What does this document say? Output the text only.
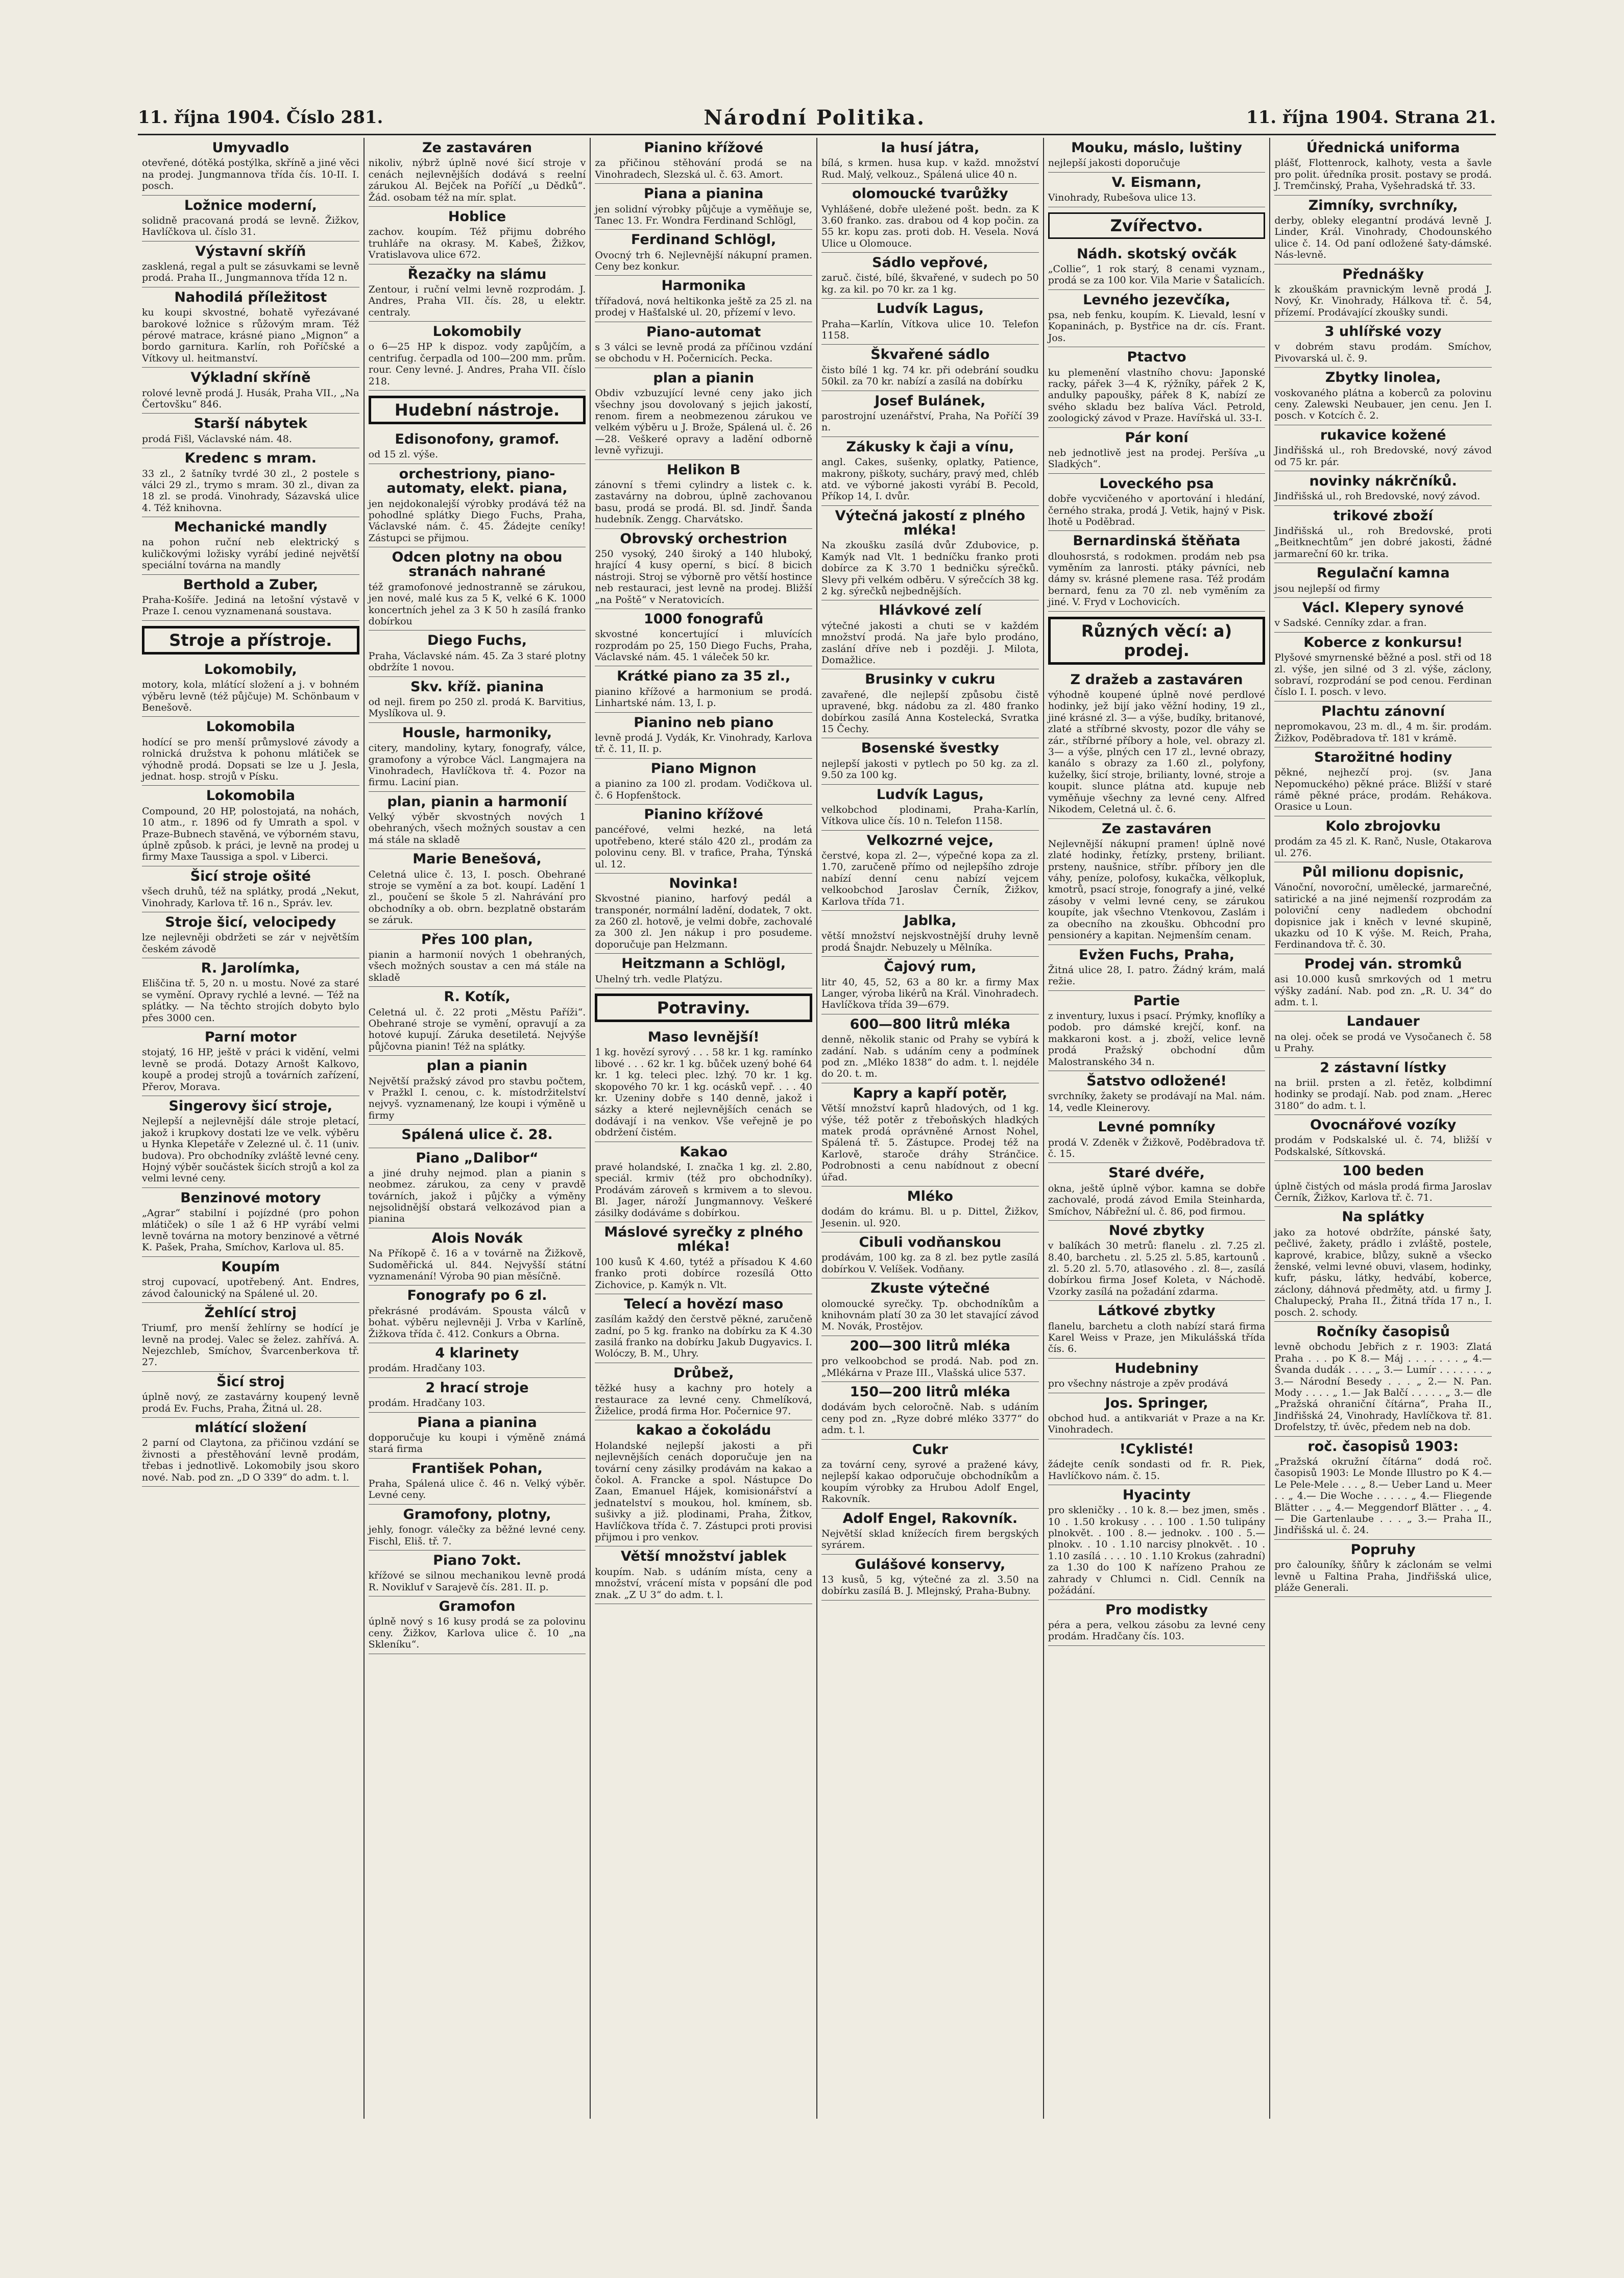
11. října 1904. Číslo 281.	Národní Politika.	11. října 1904. Strana 21.
Umyvadlo

otevřené, dótěká postýlka, skříně a jiné věci na prodej. Jungmannova třída čís. 10-II. I. posch.

Ložnice moderní,

solidně pracovaná prodá se levně. Žižkov, Havlíčkova ul. číslo 31.

Výstavní skříň

zasklená, regal a pult se zásuvkami se levně prodá. Praha II., Jungmannova třída 12 n.

Nahodilá příležitost

ku koupi skvostné, bohatě vyřezávané barokové ložnice s růžovým mram. Též pérové matrace, krásné piano „Mignon“ a bordo garnitura. Karlín, roh Poříčské a Vítkovy ul. heitmanství.

Výkladní skříně

rolové levně prodá J. Husák, Praha VII., „Na Čertovšku“ 846.

Starší nábytek

prodá Fišl, Václavské nám. 48.

Kredenc s mram.

33 zl., 2 šatníky tvrdé 30 zl., 2 postele s válci 29 zl., trymo s mram. 30 zl., divan za 18 zl. se prodá. Vinohrady, Sázavská ulice 4. Též knihovna.

Mechanické mandly

na pohon ruční neb elektrický s kuličkovými ložisky vyrábí jediné největší speciální továrna na mandly

Berthold a Zuber,

Praha-Košíře. Jediná na letošní výstavě v Praze I. cenou vyznamenaná soustava.

Stroje a přístroje.
Lokomobily,

motory, kola, mlátící složení a j. v bohném výběru levně (též půjčuje) M. Schönbaum v Benešově.

Lokomobila

hodící se pro menší průmyslové závody a rolnická družstva k pohonu mlátiček se výhodně prodá. Dopsati se lze u J. Jesla, jednat. hosp. strojů v Písku.

Lokomobila

Compound, 20 HP, polostojatá, na nohách, 10 atm., r. 1896 od fy Umrath a spol. v Praze-Bubnech stavěná, ve výborném stavu, úplně způsob. k práci, je levně na prodej u firmy Maxe Taussiga a spol. v Liberci.

Šicí stroje ošité

všech druhů, též na splátky, prodá „Nekut, Vinohrady, Karlova tř. 16 n., Správ. lev.

Stroje šicí, velocipedy

lze nejlevněji obdržeti se zár v největším českém závodě

R. Jarolímka,

Eliščina tř. 5, 20 n. u mostu. Nové za staré se vymění. Opravy rychlé a levné. — Též na splátky. — Na těchto strojích dobyto bylo přes 3000 cen.

Parní motor

stojatý, 16 HP, ještě v práci k vidění, velmi levně se prodá. Dotazy Arnošt Kalkovo, koupě a prodej strojů a továrních zařízení, Přerov, Morava.

Singerovy šicí stroje,

Nejlepší a nejlevnější dále stroje pletací, jakož i krupkovy dostati lze ve velk. výběru u Hynka Klepetáře v Zelezné ul. č. 11 (univ. budova). Pro obchodníky zvláště levné ceny. Hojný výběr součástek šicích strojů a kol za velmi levné ceny.

Benzinové motory

„Agrar“ stabilní i pojízdné (pro pohon mlátiček) o síle 1 až 6 HP vyrábí velmi levně továrna na motory benzinové a větrné K. Pašek, Praha, Smíchov, Karlova ul. 85.

Koupím

stroj cupovací, upotřebený. Ant. Endres, závod čalounický na Spálené ul. 20.

Žehlící stroj

Triumf, pro menší žehlírny se hodící je levně na prodej. Valec se želez. zahřívá. A. Nejezchleb, Smíchov, Švarcenberkova tř. 27.

Šicí stroj

úplně nový, ze zastavárny koupený levně prodá Ev. Fuchs, Praha, Žitná ul. 28.

mlátící složení

2 parní od Claytona, za přičinou vzdání se živnosti a přestěhování levně prodám, třebas i jednotlivě. Lokomobily jsou skoro nové. Nab. pod zn. „D O 339“ do adm. t. l.

Ze zastaváren

nikoliv, nýbrž úplně nové šicí stroje v cenách nejlevnějších dodává s reelní zárukou Al. Bejček na Poříčí „u Dědků“. Žád. osobam též na mír. splat.

Hoblice

zachov. koupím. Též přijmu dobrého truhláře na okrasy. M. Kabeš, Žižkov, Vratislavova ulice 672.

Řezačky na slámu

Zentour, i ruční velmi levně rozprodám. J. Andres, Praha VII. čís. 28, u elektr. centraly.

Lokomobily

o 6—25 HP k dispoz. vody zapůjčím, a centrifug. čerpadla od 100—200 mm. prům. rour. Ceny levné. J. Andres, Praha VII. číslo 218.

Hudební nástroje.
Edisonofony, gramof.

od 15 zl. výše.

orchestriony, piano-automaty, elekt. piana,

jen nejdokonalejší výrobky prodává též na pohodlné splátky Diego Fuchs, Praha, Václavské nám. č. 45. Žádejte ceníky! Zástupci se přijmou.

Odcen plotny na obou stranách nahrané

též gramofonové jednostranně se zárukou, jen nové, malé kus za 5 K, velké 6 K. 1000 koncertních jehel za 3 K 50 h zasílá franko dobírkou

Diego Fuchs,

Praha, Václavské nám. 45. Za 3 staré plotny obdržíte 1 novou.

Skv. kříž. pianina

od nejl. firem po 250 zl. prodá K. Barvitius, Myslíkova ul. 9.

Housle, harmoniky,

citery, mandoliny, kytary, fonografy, válce, gramofony a výrobce Václ. Langmajera na Vinohradech, Havlíčkova tř. 4. Pozor na firmu. Laciní pian.

plan, pianin a harmonií

Velký výběr skvostných nových 1 obehraných, všech možných soustav a cen má stále na skladě

Marie Benešová,

Celetná ulice č. 13, I. posch. Obehrané stroje se vymění a za bot. koupí. Ladění 1 zl., poučení se škole 5 zl. Nahrávání pro obchodníky a ob. obrn. bezplatně obstarám se záruk.

Přes 100 plan,

pianin a harmonií nových 1 obehraných, všech možných soustav a cen má stále na skladě

R. Kotík,

Celetná ul. č. 22 proti „Městu Paříži“. Obehrané stroje se vymění, opravují a za hotové kupují. Záruka desetiletá. Nejvýše půjčovna pianin! Též na splátky.

plan a pianin

Největší pražský závod pro stavbu počtem, v Pražkl I. cenou, c. k. místodržitelství nejvyš. vyznamenaný, lze koupi i výměně u firmy

Spálená ulice č. 28.
Piano „Dalibor“

a jiné druhy nejmod. plan a pianin s neobmez. zárukou, za ceny v pravdě továrních, jakož i půjčky a výměny nejsolidnější obstará velkozávod pian a pianina

Alois Novák

Na Příkopě č. 16 a v továrně na Žižkově, Sudoměřická ul. 844. Nejvyšší státní vyznamenání! Výroba 90 pian měsíčně.

Fonografy po 6 zl.

překrásné prodávám. Spousta válců v bohat. výběru nejlevněji J. Vrba v Karlíně, Žižkova třída č. 412. Conkurs a Obrna.

4 klarinety

prodám. Hradčany 103.

2 hrací stroje

prodám. Hradčany 103.

Piana a pianina

dopporučuje ku koupi i výměně známá stará firma

František Pohan,

Praha, Spálená ulice č. 46 n. Velký výběr. Levné ceny.

Gramofony, plotny,

jehly, fonogr. válečky za běžné levné ceny. Fischl, Eliš. tř. 7.

Piano 7okt.

křížové se silnou mechanikou levně prodá R. Novikluf v Sarajevě čís. 281. II. p.

Gramofon

úplně nový s 16 kusy prodá se za polovinu ceny. Žižkov, Karlova ulice č. 10 „na Skleníku“.

Pianino křížové

za přičinou stěhování prodá se na Vinohradech, Slezská ul. č. 63. Amort.

Piana a pianina

jen solidní výrobky půjčuje a vyměňuje se, Tanec 13. Fr. Wondra Ferdinand Schlögl,

Ferdinand Schlögl,

Ovocný trh 6. Nejlevnější nákupní pramen. Ceny bez konkur.

Harmonika

třířadová, nová heltikonka ještě za 25 zl. na prodej v Hašťalské ul. 20, přízemí v levo.

Piano-automat

s 3 válci se levně prodá za příčinou vzdání se obchodu v H. Počernicích. Pecka.

plan a pianin

Obdiv vzbuzující levné ceny jako jich všechny jsou dovolovaný s jejich jakostí, renom. firem a neobmezenou zárukou ve velkém výběru u J. Brože, Spálená ul. č. 26—28. Veškeré opravy a ladění odborně levně vyřizuji.

Helikon B

zánovní s třemi cylindry a listek c. k. zastavárny na dobrou, úplně zachovanou basu, prodá se prodá. Bl. sd. Jindř. Šanda hudebník. Zengg. Charvátsko.

Obrovský orchestrion

250 vysoký, 240 široký a 140 hluboký, hrající 4 kusy operní, s bicí. 8 bicich nástroji. Stroj se výborně pro větší hostince neb restauraci, jest levně na prodej. Bližší „na Poště“ v Neratovicích.

1000 fonografů

skvostné koncertující i mluvících rozprodám po 25, 150 Diego Fuchs, Praha, Václavské nám. 45. 1 váleček 50 kr.

Krátké piano za 35 zl.,

pianino křížové a harmonium se prodá. Linhartské nám. 13, I. p.

Pianino neb piano

levně prodá J. Vydák, Kr. Vinohrady, Karlova tř. č. 11, II. p.

Piano Mignon

a pianino za 100 zl. prodam. Vodičkova ul. č. 6 Hopfenštock.

Pianino křížové

pancéřové, velmi hezké, na letá upotřebeno, které stálo 420 zl., prodám za polovinu ceny. Bl. v trafice, Praha, Týnská ul. 12.

Novinka!

Skvostné pianino, harfový pedál a transponér, normální ladění, dodatek, 7 okt. za 260 zl. hotově, je velmi dobře, zachovalé za 300 zl. Jen nákup i pro posudeme. doporučuje pan Helzmann.

Heitzmann a Schlögl,

Uhelný trh. vedle Platýzu.

Potraviny.
Maso levnější!

1 kg. hovězí syrový . . . 58 kr. 1 kg. ramínko libové . . . 62 kr. 1 kg. bůček uzený bohé 64 kr. 1 kg. teleci plec. lzhý. 70 kr. 1 kg. skopového 70 kr. 1 kg. ocásků vepř. . . . 40 kr. Uzeniny dobře s 140 denně, jakož i sázky a které nejlevnějších cenách se dodávají i na venkov. Vše veřejně je po obdržení čistém.

Kakao

pravé holandské, I. značka 1 kg. zl. 2.80, speciál. krmiv (též pro obchodníky). Prodávám zároveň s krmivem a to slevou. Bl. Jager, nároží Jungmannovy. Veškeré zásilky dodáváme s dobírkou.

Máslové syrečky z plného mléka!

100 kusů K 4.60, tytéž a přísadou K 4.60 franko proti dobírce rozesílá Otto Zichovice, p. Kamýk n. Vlt.

Telecí a hovězí maso

zasílám každý den čerstvě pěkné, zaručeně zadní, po 5 kg. franko na dobírku za K 4.30 zasilá franko na dobírku Jakub Dugyavics. I. Wolóczy, B. M., Uhry.

Drůbež,

těžké husy a kachny pro hotely a restaurace za levné ceny. Chmelíková, Žiželice, prodá firma Hor. Počernice 97.

kakao a čokoládu

Holandské nejlepší jakosti a při nejlevnějších cenách doporučuje jen na tovární ceny zásilky prodávám na kakao a čokol. A. Francke a spol. Nástupce Do Zaan, Emanuel Hájek, komisionářství a jednatelství s moukou, hol. kmínem, sb. sušivky a již. plodinami, Praha, Žitkov, Havlíčkova třída č. 7. Zástupci proti provisi přijmou i pro venkov.

Větší množství jablek

koupím. Nab. s udáním místa, ceny a množství, vrácení místa v popsání dle pod znak. „Z U 3“ do adm. t. l.

Ia husí játra,

bílá, s krmen. husa kup. v každ. množství Rud. Malý, velkouz., Spálená ulice 40 n.

olomoucké tvarůžky

Vyhlášené, dobře uležené pošt. bedn. za K 3.60 franko. zas. drabou od 4 kop počin. za 55 kr. kopu zas. proti dob. H. Vesela. Nová Ulice u Olomouce.

Sádlo vepřové,

zaruč. čisté, bílé, škvařené, v sudech po 50 kg. za kil. po 70 kr. za 1 kg.

Ludvík Lagus,

Praha—Karlín, Vítkova ulice 10. Telefon 1158.

Škvařené sádlo

čisto bílé 1 kg. 74 kr. při odebrání soudku 50kil. za 70 kr. nabízí a zasílá na dobírku

Josef Bulánek,

parostrojní uzenářství, Praha, Na Poříčí 39 n.

Zákusky k čaji a vínu,

angl. Cakes, sušenky, oplatky, Patience, makrony, piškoty, sucháry, pravý med, chléb atd. ve výborné jakosti vyrábí B. Pecold, Příkop 14, I. dvůr.

Výtečná jakostí z plného mléka!

Na zkoušku zasílá dvůr Zdubovice, p. Kamýk nad Vlt. 1 bedníčku franko proti dobírce za K 3.70 1 bedničku sýrečků. Slevy při velkém odběru. V sýrečcích 38 kg. 2 kg. sýrečků nejbednějších.

Hlávkové zelí

výtečné jakosti a chuti se v každém množství prodá. Na jaře bylo prodáno, zaslání dříve neb i později. J. Milota, Domažlice.

Brusinky v cukru

zavařené, dle nejlepší způsobu čistě upravené, bkg. nádobu za zl. 480 franko dobírkou zasílá Anna Kostelecká, Svratka 15 Čechy.

Bosenské švestky

nejlepší jakosti v pytlech po 50 kg. za zl. 9.50 za 100 kg.

Ludvík Lagus,

velkobchod plodinami, Praha-Karlín, Vítkova ulice čís. 10 n. Telefon 1158.

Velkozrné vejce,

čerstvé, kopa zl. 2—, výpečné kopa za zl. 1.70, zaručeně přímo od nejlepšího zdroje nabízí denní cenu nabízí vejcem velkoobchod Jaroslav Černík, Žižkov, Karlova třída 71.

Jablka,

větší množství nejskvostnější druhy levně prodá Šnajdr. Nebuzely u Mělníka.

Čajový rum,

litr 40, 45, 52, 63 a 80 kr. a firmy Max Langer, výroba likérů na Král. Vinohradech. Havlíčkova třída 39—679.

600—800 litrů mléka

denně, několik stanic od Prahy se vybírá k zadání. Nab. s udáním ceny a podmínek pod zn. „Mléko 1838“ do adm. t. l. nejdéle do 20. t. m.

Kapry a kapří potěr,

Větší množství kaprů hladových, od 1 kg. výše, též potěr z třeboňských hladkých matek prodá oprávněné Arnost Nohel, Spálená tř. 5. Zástupce. Prodej též na Karlově, staroče dráhy Stránčice. Podrobnosti a cenu nabídnout z obecní úřad.

Mléko

dodám do krámu. Bl. u p. Dittel, Žižkov, Jesenin. ul. 920.

Cibuli vodňanskou

prodávám, 100 kg. za 8 zl. bez pytle zasílá dobírkou V. Velíšek. Vodňany.

Zkuste výtečné

olomoucké syrečky. Tp. obchodníkům a knihovnám platí 30 za 30 let stavající závod M. Novák, Prostějov.

200—300 litrů mléka

pro velkoobchod se prodá. Nab. pod zn. „Mlékárna v Praze III., Vlašská ulice 537.

150—200 litrů mléka

dodávám bych celoročně. Nab. s udáním ceny pod zn. „Ryze dobré mléko 3377“ do adm. t. l.

Cukr

za tovární ceny, syrové a pražené kávy, nejlepší kakao odporučuje obchodníkům a koupím výrobky za Hrubou Adolf Engel, Rakovník.

Adolf Engel, Rakovník.

Největší sklad knížecích firem bergských syrárem.

Gulášové konservy,

13 kusů, 5 kg, výtečné za zl. 3.50 na dobírku zasílá B. J. Mlejnský, Praha-Bubny.

Mouku, máslo, luštiny

nejlepší jakosti doporučuje

V. Eismann,

Vinohrady, Rubešova ulice 13.

Zvířectvo.
Nádh. skotský ovčák

„Collie“, 1 rok starý, 8 cenami vyznam., prodá se za 100 kor. Vila Marie v Šatalicích.

Levného jezevčíka,

psa, neb fenku, koupím. K. Lievald, lesní v Kopaninách, p. Bystřice na dr. cís. Frant. Jos.

Ptactvo

ku plemenění vlastního chovu: Japonské racky, pářek 3—4 K, rýžníky, pářek 2 K, andulky papoušky, pářek 8 K, nabízí ze svého skladu bez balíva Václ. Petrold, zoologický závod v Praze. Havířská ul. 33-I.

Pár koní

neb jednotlivě jest na prodej. Peršíva „u Sladkých“.

Loveckého psa

dobře vycvičeného v aportování i hledání, černého straka, prodá J. Vetik, hajný v Pisk. lhotě u Poděbrad.

Bernardinská štěňata

dlouhosrstá, s rodokmen. prodám neb psa vyměním za lanrosti. ptáky pávníci, neb dámy sv. krásné plemene rasa. Též prodám bernard, fenu za 70 zl. neb vyměním za jiné. V. Fryd v Lochovicích.

Různých věcí: a) prodej.
Z dražeb a zastaváren

výhodně koupené úplně nové perdlové hodinky, jež bijí jako věžní hodiny, 19 zl., jiné krásné zl. 3— a výše, budíky, britanové, zlaté a stříbrné skvosty, pozor dle váhy se zár., stříbrné příbory a hole, vel. obrazy zl. 3— a výše, plných cen 17 zl., levné obrazy, kanálo s obrazy za 1.60 zl., polyfony, kuželky, šicí stroje, brilianty, lovné, stroje a koupit. slunce plátna atd. kupuje neb vyměňuje všechny za levné ceny. Alfred Nikodem, Celetná ul. č. 6.

Ze zastaváren

Nejlevnější nákupní pramen! úplně nové zlaté hodinky, řetízky, prsteny, briliant. prsteny, naušnice, stříbr. příbory jen dle váhy, peníze, polofosy, kukačka, vělkopluk, kmotrů, psací stroje, fonografy a jiné, velké zásoby v velmi levné ceny, se zárukou koupíte, jak všechno Vtenkovou, Zaslám i za obecního na zkoušku. Obhcodní pro pensionéry a kapitan. Nejmenším cenam.

Evžen Fuchs, Praha,

Žitná ulice 28, I. patro. Žádný krám, malá režie.

Partie

z inventury, luxus i psací. Prýmky, knoflíky a podob. pro dámské krejčí, konf. na makkaroni kost. a j. zboží, velice levně prodá Pražský obchodní dům Malostranského 34 n.

Šatstvo odložené!

svrchníky, žakety se prodávají na Mal. nám. 14, vedle Kleinerovy.

Levné pomníky

prodá V. Zdeněk v Žižkově, Poděbradova tř. č. 15.

Staré dvéře,

okna, ještě úplně výbor. kamna se dobře zachovalé, prodá závod Emila Steinharda, Smíchov, Nábřežní ul. č. 86, pod firmou.

Nové zbytky

v balíkách 30 metrů: flanelu . zl. 7.25 zl. 8.40, barchetu . zl. 5.25 zl. 5.85, kartounů . zl. 5.20 zl. 5.70, atlasového . zl. 8—, zasílá dobírkou firma Josef Koleta, v Náchodě. Vzorky zasílá na požadání zdarma.

Látkové zbytky

flanelu, barchetu a cloth nabízí stará firma Karel Weiss v Praze, jen Mikulášská třída čís. 6.

Hudebniny

pro všechny nástroje a zpěv prodává

Jos. Springer,

obchod hud. a antikvariát v Praze a na Kr. Vinohradech.

!Cyklisté!

žádejte ceník sondasti od fr. R. Piek, Havlíčkovo nám. č. 15.

Hyacinty

pro skleničky . . 10 k. 8.— bez jmen, směs . 10 . 1.50 krokusy . . . 100 . 1.50 tulipány plnokvět. . 100 . 8.— jednokv. . 100 . 5.— plnokv. . 10 . 1.10 narcisy plnokvět. . 10 . 1.10 zasílá . . . . 10 . 1.10 Krokus (zahradní) za 1.30 do 100 K nařízeno Prahou ze zahrady v Chlumci n. Cidl. Cenník na požádání.

Pro modistky

péra a pera, velkou zásobu za levné ceny prodám. Hradčany čís. 103.

Úřednická uniforma

plášť, Flottenrock, kalhoty, vesta a šavle pro polit. úředníka prosit. postavy se prodá. J. Tremčinský, Praha, Vyšehradská tř. 33.

Zimníky, svrchníky,

derby, obleky elegantní prodává levně J. Linder, Král. Vinohrady, Chodounského ulice č. 14. Od paní odložené šaty-dámské. Nás-levně.

Přednášky

k zkouškám pravnickým levně prodá J. Nový, Kr. Vinohrady, Hálkova tř. č. 54, přízemí. Prodávající zkoušky sundi.

3 uhlířské vozy

v dobrém stavu prodám. Smíchov, Pivovarská ul. č. 9.

Zbytky linolea,

voskovaného plátna a koberců za polovinu ceny. Zalewski Neubauer, jen cenu. Jen I. posch. v Kotcích č. 2.

rukavice kožené

Jindřišská ul., roh Bredovské, nový závod od 75 kr. pár.

novinky nákrčníků.

Jindřišská ul., roh Bredovské, nový závod.

trikové zboží

Jindřišská ul., roh Bredovské, proti „Beitknechtům“ jen dobré jakosti, žádné jarmareční 60 kr. trika.

Regulační kamna

jsou nejlepší od firmy

Václ. Klepery synové

v Sadské. Cenníky zdar. a fran.

Koberce z konkursu!

Plyšové smyrnenské běžné a posl. stři od 18 zl. výše, jen silné od 3 zl. výše, záclony, sobraví, rozprodání se pod cenou. Ferdinan číslo I. I. posch. v levo.

Plachtu zánovní

nepromokavou, 23 m. dl., 4 m. šir. prodám. Žižkov, Poděbradova tř. 181 v krámě.

Starožitné hodiny

pěkné, nejhezčí proj. (sv. Jana Nepomuckého) pěkné práce. Bližší v staré rámě pěkné práce, prodám. Rehákova. Orasice u Loun.

Kolo zbrojovku

prodám za 45 zl. K. Ranč, Nusle, Otakarova ul. 276.

Půl milionu dopisnic,

Vánoční, novoroční, umělecké, jarmarečné, satirické a na jiné nejmenší rozprodám za poloviční ceny nadledem obchodní dopisnice jak i kněch v levné skupině, ukazku od 10 K výše. M. Reich, Praha, Ferdinandova tř. č. 30.

Prodej ván. stromků

asi 10.000 kusů smrkových od 1 metru výšky zadání. Nab. pod zn. „R. U. 34“ do adm. t. l.

Landauer

na olej. oček se prodá ve Vysočanech č. 58 u Prahy.

2 zástavní lístky

na briil. prsten a zl. řetěz, kolbdimní hodinky se prodají. Nab. pod znam. „Herec 3180“ do adm. t. l.

Ovocnářové vozíky

prodám v Podskalské ul. č. 74, bližší v Podskalské, Sítkovská.

100 beden

úplně čistých od másla prodá firma Jaroslav Černík, Žižkov, Karlova tř. č. 71.

Na splátky

jako za hotové obdržíte, pánské šaty, pečlivé, žakety, prádlo i zvláště, postele, kaprové, krabice, blůzy, sukně a všecko ženské, velmi levné obuvi, vlasem, hodinky, kufr, pásku, látky, hedvábí, koberce, záclony, dáhnová předměty, atd. u firmy J. Chalupecký, Praha II., Žitná třída 17 n., I. posch. 2. schody.

Ročníky časopisů

levně obchodu Jebřich z r. 1903: Zlatá Praha . . . po K 8.— Máj . . . . . . . „ 4.— Švanda dudák . . . . „ 3.— Lumír . . . . . . . „ 3.— Národní Besedy . . . „ 2.— N. Pan. Mody . . . . „ 1.— Jak Balčí . . . . . „ 3.— dle „Pražská ohraniční čítárna“, Praha II., Jindřišská 24, Vinohrady, Havlíčkova tř. 81. Drofelstzy, tř. úvěc, předem neb na dob.

roč. časopisů 1903:

„Pražská okružní čítárna“ dodá roč. časopisů 1903: Le Monde Illustro po K 4.— Le Pele-Mele . . . „ 8.— Ueber Land u. Meer . . „ 4.— Die Woche . . . . . „ 4.— Fliegende Blätter . . „ 4.— Meggendorf Blätter . . „ 4.— Die Gartenlaube . . . „ 3.— Praha II., Jindřišská ul. č. 24.

Popruhy

pro čalouníky, šňůry k záclonám se velmi levně u Faltina Praha, Jindřišská ulice, pláže Generali.
